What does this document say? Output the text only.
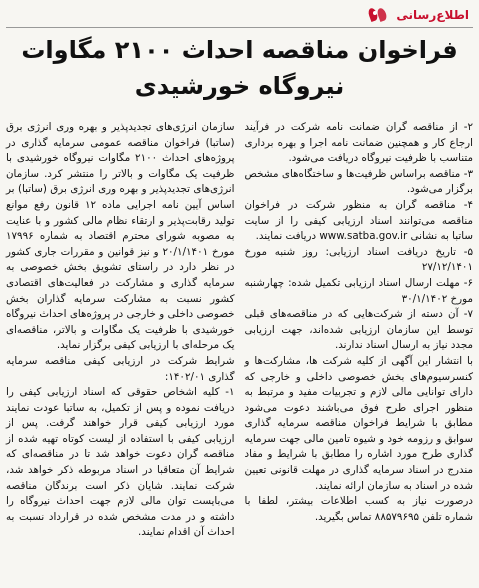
اطلاع‌رسانی
فراخوان مناقصه احداث ۲۱۰۰ مگاوات
نیروگاه خورشیدی

سازمان انرژی‌های تجدیدپذیر و بهره وری انرژی برق (ساتبا) فراخوان مناقصه عمومی سرمایه گذاری در پروژه‌های احداث ۲۱۰۰ مگاوات نیروگاه خورشیدی با ظرفیت یک مگاوات و بالاتر را منتشر کرد. سازمان انرژی‌های تجدیدپذیر و بهره وری انرژی برق (ساتبا) بر اساس آیین نامه اجرایی ماده ۱۲ قانون رفع موانع تولید رقابت‌پذیر و ارتقاء نظام مالی کشور و با عنایت به مصوبه شورای محترم اقتصاد به شماره ۱۷۹۹۶ مورخ ۲۰/۱/۱۴۰۱ و نیز قوانین و مقررات جاری کشور در نظر دارد در راستای تشویق بخش خصوصی به سرمایه گذاری و مشارکت در فعالیت‌های اقتصادی کشور نسبت به مشارکت سرمایه گذاران بخش خصوصی داخلی و خارجی در پروژه‌های احداث نیروگاه خورشیدی با ظرفیت یک مگاوات و بالاتر، مناقصه‌ای یک مرحله‌ای با ارزیابی کیفی برگزار نماید.

شرایط شرکت در ارزیابی کیفی مناقصه سرمایه گذاری ۱۴۰۲/۰۱:

۱- کلیه اشخاص حقوقی که اسناد ارزیابی کیفی را دریافت نموده و پس از تکمیل، به ساتبا عودت نمایند مورد ارزیابی کیفی قرار خواهند گرفت. پس از ارزیابی کیفی با استفاده از لیست کوتاه تهیه شده از مناقصه گران دعوت خواهد شد تا در مناقصه‌ای که شرایط آن متعاقبا در اسناد مربوطه ذکر خواهد شد، شرکت نمایند. شایان ذکر است برندگان مناقصه می‌بایست توان مالی لازم جهت احداث نیروگاه را داشته و در مدت مشخص شده در قرارداد نسبت به احداث آن اقدام نمایند.

۲- از مناقصه گران ضمانت نامه شرکت در فرآیند ارجاع کار و همچنین ضمانت نامه اجرا و بهره برداری متناسب با ظرفیت نیروگاه دریافت می‌شود.

۳- مناقصه براساس ظرفیت‌ها و ساختگاه‌های مشخص برگزار می‌شود.

۴- مناقصه گران به منظور شرکت در فراخوان مناقصه می‌توانند اسناد ارزیابی کیفی را از سایت ساتبا به نشانی www.satba.gov.ir دریافت نمایند.

۵- تاریخ دریافت اسناد ارزیابی: روز شنبه مورخ ۲۷/۱۲/۱۴۰۱

۶- مهلت ارسال اسناد ارزیابی تکمیل شده: چهارشنبه مورخ ۳۰/۱/۱۴۰۲

۷- آن دسته از شرکت‌هایی که در مناقصه‌های قبلی توسط این سازمان ارزیابی شده‌اند، جهت ارزیابی مجدد نیاز به ارسال اسناد ندارند.

با انتشار این آگهی از کلیه شرکت ها، مشارکت‌ها و کنسرسیوم‌های بخش خصوصی داخلی و خارجی که دارای توانایی مالی لازم و تجربیات مفید و مرتبط به منظور اجرای طرح فوق می‌باشند دعوت می‌شود مطابق با شرایط فراخوان مناقصه سرمایه گذاری سوابق و رزومه خود و شیوه تامین مالی جهت سرمایه گذاری طرح مورد اشاره را مطابق با شرایط و مفاد مندرج در اسناد سرمایه گذاری در مهلت قانونی تعیین شده در اسناد به سازمان ارائه نمایند.

درصورت نیاز به کسب اطلاعات بیشتر، لطفا با شماره تلفن ۸۸۵۷۹۶۹۵ تماس بگیرید.
